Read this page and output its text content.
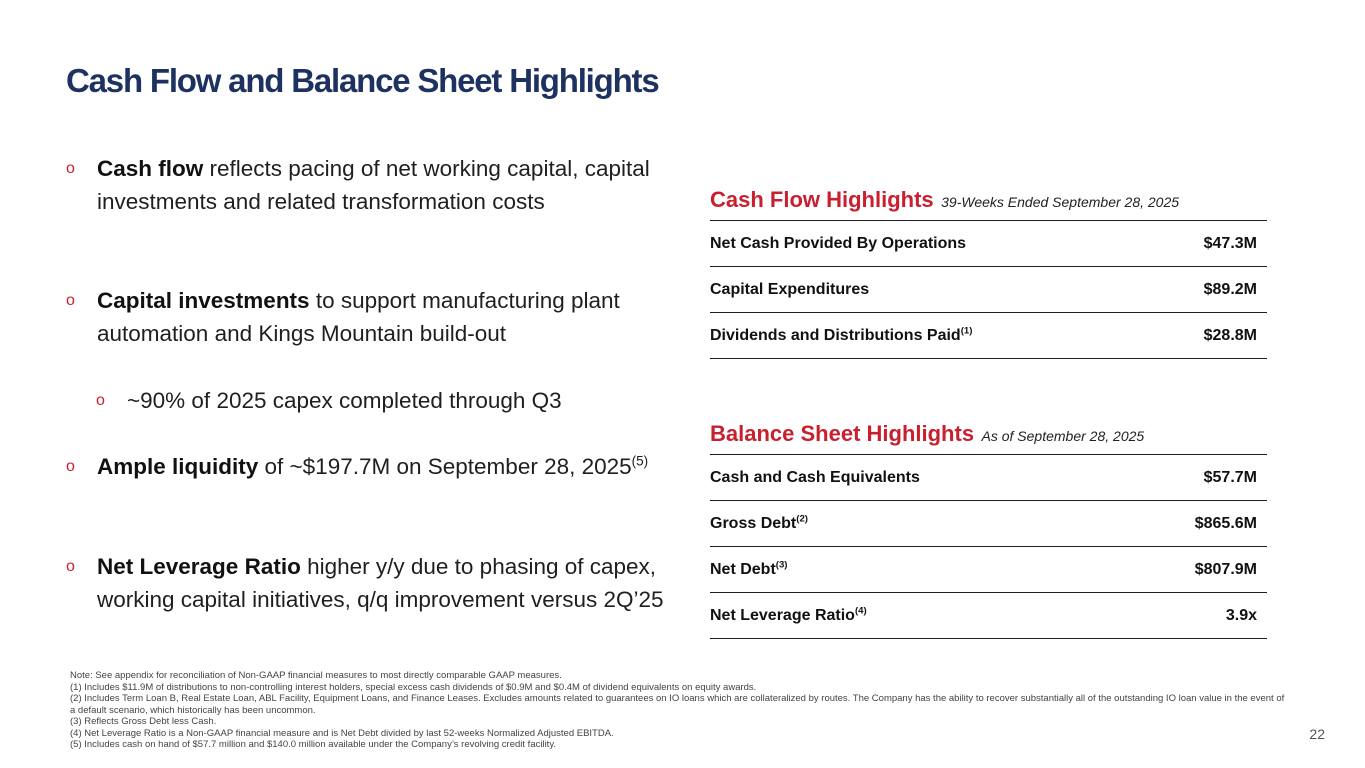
Cash Flow and Balance Sheet Highlights
o Cash flow reflects pacing of net working capital, capital investments and related transformation costs
o Capital investments to support manufacturing plant automation and Kings Mountain build-out
o ~90% of 2025 capex completed through Q3
o Ample liquidity of ~$197.7M on September 28, 2025$^{(5)}$
o Net Leverage Ratio higher y/y due to phasing of capex, working capital initiatives, q/q improvement versus 2Q’25
Cash Flow Highlights 39-Weeks Ended September 28, 2025
Net Cash Provided By Operations	$47.3M
Capital Expenditures	$89.2M
Dividends and Distributions Paid$^{(1)}$	$28.8M
Balance Sheet Highlights As of September 28, 2025
Cash and Cash Equivalents	$57.7M
Gross Debt$^{(2)}$	$865.6M
Net Debt$^{(3)}$	$807.9M
Net Leverage Ratio$^{(4)}$	3.9x
Note: See appendix for reconciliation of Non-GAAP financial measures to most directly comparable GAAP measures.
(1) Includes $11.9M of distributions to non-controlling interest holders, special excess cash dividends of $0.9M and $0.4M of dividend equivalents on equity awards.
(2) Includes Term Loan B, Real Estate Loan, ABL Facility, Equipment Loans, and Finance Leases. Excludes amounts related to guarantees on IO loans which are collateralized by routes. The Company has the ability to recover substantially all of the outstanding IO loan value in the event of a default scenario, which historically has been uncommon.
(3) Reflects Gross Debt less Cash.
(4) Net Leverage Ratio is a Non-GAAP financial measure and is Net Debt divided by last 52-weeks Normalized Adjusted EBITDA.
(5) Includes cash on hand of $57.7 million and $140.0 million available under the Company’s revolving credit facility.
22
